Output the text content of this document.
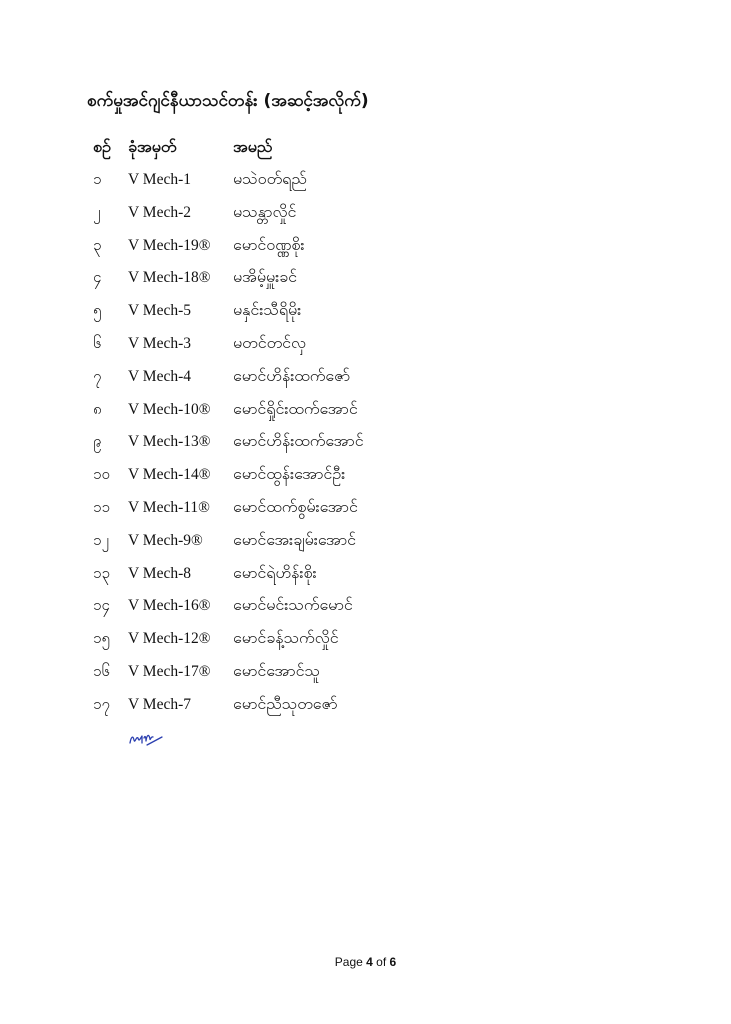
စက်မှုအင်ဂျင်နီယာသင်တန်း (အဆင့်အလိုက်)
စဥ် ခုံအမှတ်	အမည်
၁ V Mech-1	မသဲဝတ်ရည်
၂ V Mech-2	မသန္တာလှိုင်
၃ V Mech-19® မောင်ဝဏ္ဏစိုး
၄ V Mech-18® မအိမ့်မှူးခင်
၅ V Mech-5	မနှင်းသီရိမိုး
၆ V Mech-3	မတင်တင်လှ
၇ V Mech-4	မောင်ဟိန်းထက်ဇော်
၈ V Mech-10® မောင်ရှိုင်းထက်အောင်
၉ V Mech-13® မောင်ဟိန်းထက်အောင်
၁၀ V Mech-14® မောင်ထွန်းအောင်ဦး
၁၁ V Mech-11® မောင်ထက်စွမ်းအောင်
၁၂ V Mech-9® မောင်အေးချမ်းအောင်
၁၃ V Mech-8	မောင်ရဲဟိန်းစိုး
၁၄ V Mech-16® မောင်မင်းသက်မောင်
၁၅ V Mech-12® မောင်ခန့်သက်လှိုင်
၁၆ V Mech-17® မောင်အောင်သူ
၁၇ V Mech-7	မောင်ညီသုတဇော်
Page 4 of 6
